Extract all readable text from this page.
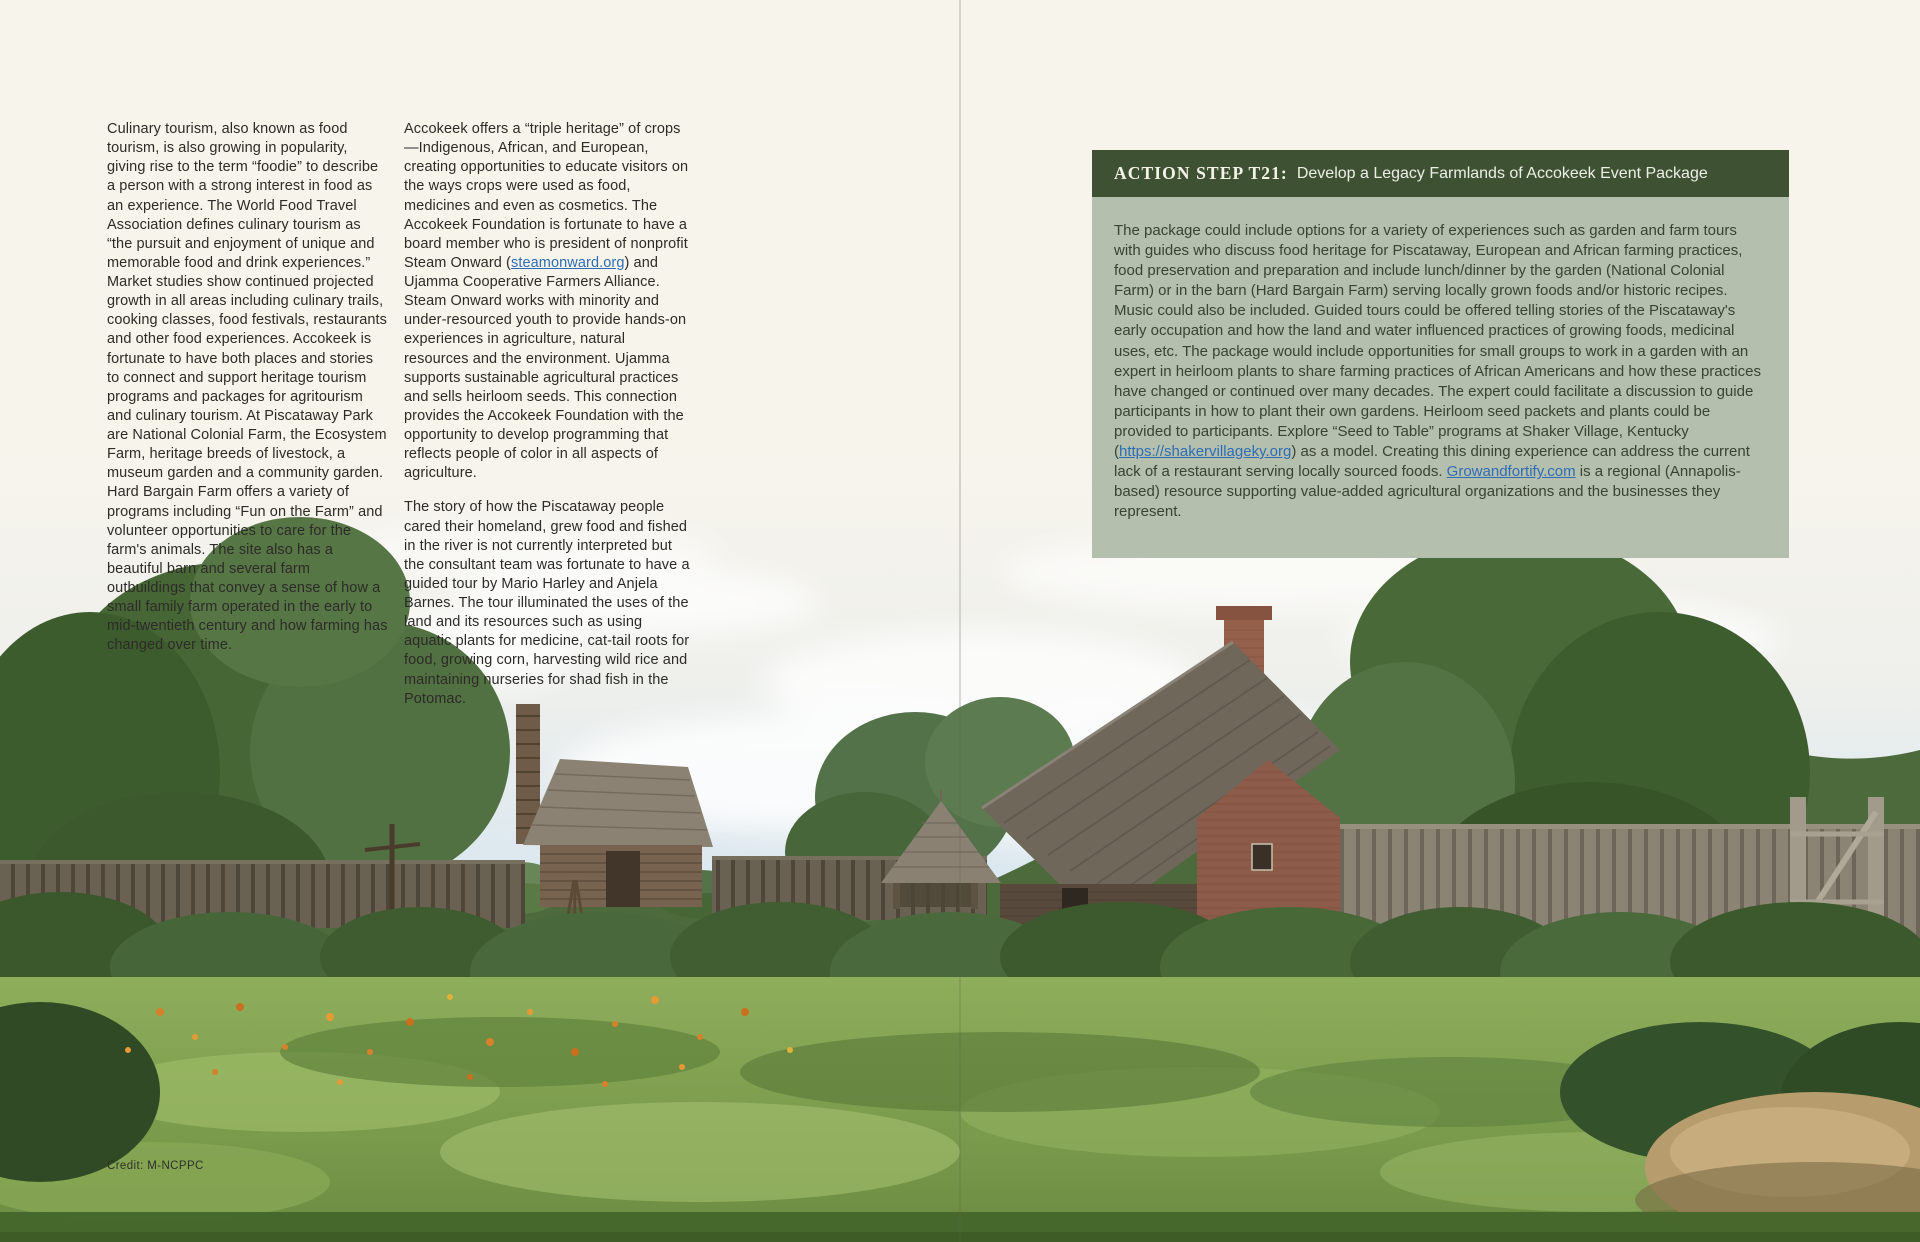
Culinary tourism, also known as food tourism, is also growing in popularity, giving rise to the term “foodie” to describe a person with a strong interest in food as an experience. The World Food Travel Association defines culinary tourism as “the pursuit and enjoyment of unique and memorable food and drink experiences.” Market studies show continued projected growth in all areas including culinary trails, cooking classes, food festivals, restaurants and other food experiences. Accokeek is fortunate to have both places and stories to connect and support heritage tourism programs and packages for agritourism and culinary tourism. At Piscataway Park are National Colonial Farm, the Ecosystem Farm, heritage breeds of livestock, a museum garden and a community garden. Hard Bargain Farm offers a variety of programs including “Fun on the Farm” and volunteer opportunities to care for the farm's animals. The site also has a beautiful barn and several farm outbuildings that convey a sense of how a small family farm operated in the early to mid-twentieth century and how farming has changed over time.

Accokeek offers a “triple heritage” of crops—Indigenous, African, and European, creating opportunities to educate visitors on the ways crops were used as food, medicines and even as cosmetics. The Accokeek Foundation is fortunate to have a board member who is president of nonprofit Steam Onward (steamonward.org) and Ujamma Cooperative Farmers Alliance. Steam Onward works with minority and under-resourced youth to provide hands-on experiences in agriculture, natural resources and the environment. Ujamma supports sustainable agricultural practices and sells heirloom seeds. This connection provides the Accokeek Foundation with the opportunity to develop programming that reflects people of color in all aspects of agriculture.

The story of how the Piscataway people cared their homeland, grew food and fished in the river is not currently interpreted but the consultant team was fortunate to have a guided tour by Mario Harley and Anjela Barnes. The tour illuminated the uses of the land and its resources such as using aquatic plants for medicine, cat-tail roots for food, growing corn, harvesting wild rice and maintaining nurseries for shad fish in the Potomac.

ACTION STEP T21: Develop a Legacy Farmlands of Accokeek Event Package
The package could include options for a variety of experiences such as garden and farm tours with guides who discuss food heritage for Piscataway, European and African farming practices, food preservation and preparation and include lunch/dinner by the garden (National Colonial Farm) or in the barn (Hard Bargain Farm) serving locally grown foods and/or historic recipes. Music could also be included. Guided tours could be offered telling stories of the Piscataway's early occupation and how the land and water influenced practices of growing foods, medicinal uses, etc. The package would include opportunities for small groups to work in a garden with an expert in heirloom plants to share farming practices of African Americans and how these practices have changed or continued over many decades. The expert could facilitate a discussion to guide participants in how to plant their own gardens. Heirloom seed packets and plants could be provided to participants. Explore “Seed to Table” programs at Shaker Village, Kentucky (https://shakervillageky.org) as a model. Creating this dining experience can address the current lack of a restaurant serving locally sourced foods. Growandfortify.com is a regional (Annapolis-based) resource supporting value-added agricultural organizations and the businesses they represent.
Credit: M-NCPPC
